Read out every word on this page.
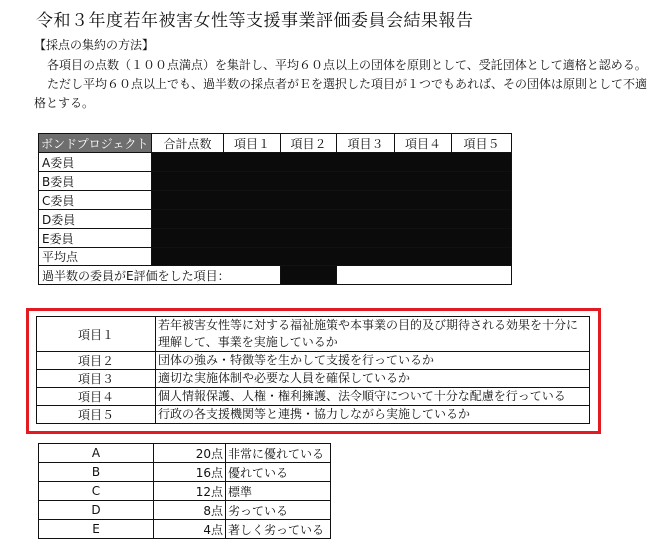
令和３年度若年被害女性等支援事業評価委員会結果報告
【採点の集約の方法】
各項目の点数（１００点満点）を集計し、平均６０点以上の団体を原則として、受託団体として適格と認める。
ただし平均６０点以上でも、過半数の採点者がＥを選択した項目が１つでもあれば、その団体は原則として不適格とする。
ボンドプロジェクト	合計点数	項目１	項目２	項目３	項目４	項目５
A委員						
B委員						
C委員						
D委員						
E委員						
平均点						
過半数の委員がE評価をした項目：						
項目１	若年被害女性等に対する福祉施策や本事業の目的及び期待される効果を十分に理解して、事業を実施しているか
項目２	団体の強み・特徴等を生かして支援を行っているか
項目３	適切な実施体制や必要な人員を確保しているか
項目４	個人情報保護、人権・権利擁護、法令順守について十分な配慮を行っている
項目５	行政の各支援機関等と連携・協力しながら実施しているか
A	20点	非常に優れている
B	16点	優れている
C	12点	標準
D	8点	劣っている
E	4点	著しく劣っている
